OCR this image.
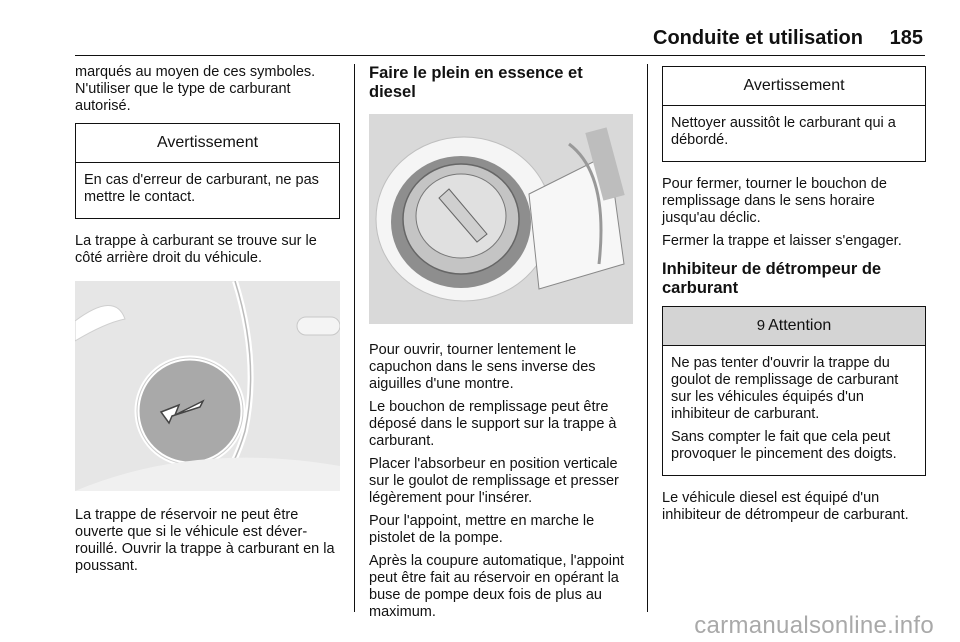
Conduite et utilisation 185

marqués au moyen de ces symboles. N'utiliser que le type de carburant autorisé.

Avertissement

En cas d'erreur de carburant, ne pas mettre le contact.

La trappe à carburant se trouve sur le côté arrière droit du véhicule.

La trappe de réservoir ne peut être ouverte que si le véhicule est déverrouillé. Ouvrir la trappe à carburant en la poussant.

Faire le plein en essence et diesel

Pour ouvrir, tourner lentement le capuchon dans le sens inverse des aiguilles d'une montre.

Le bouchon de remplissage peut être déposé dans le support sur la trappe à carburant.

Placer l'absorbeur en position verticale sur le goulot de remplissage et presser légèrement pour l'insérer.

Pour l'appoint, mettre en marche le pistolet de la pompe.

Après la coupure automatique, l'appoint peut être fait au réservoir en opérant la buse de pompe deux fois de plus au maximum.

Avertissement

Nettoyer aussitôt le carburant qui a débordé.

Pour fermer, tourner le bouchon de remplissage dans le sens horaire jusqu'au déclic.

Fermer la trappe et laisser s'engager.

Inhibiteur de détrompeur de carburant
9 Attention

Ne pas tenter d'ouvrir la trappe du goulot de remplissage de carburant sur les véhicules équipés d'un inhibiteur de carburant.

Sans compter le fait que cela peut provoquer le pincement des doigts.

Le véhicule diesel est équipé d'un inhibiteur de détrompeur de carburant.

carmanualsonline.info
